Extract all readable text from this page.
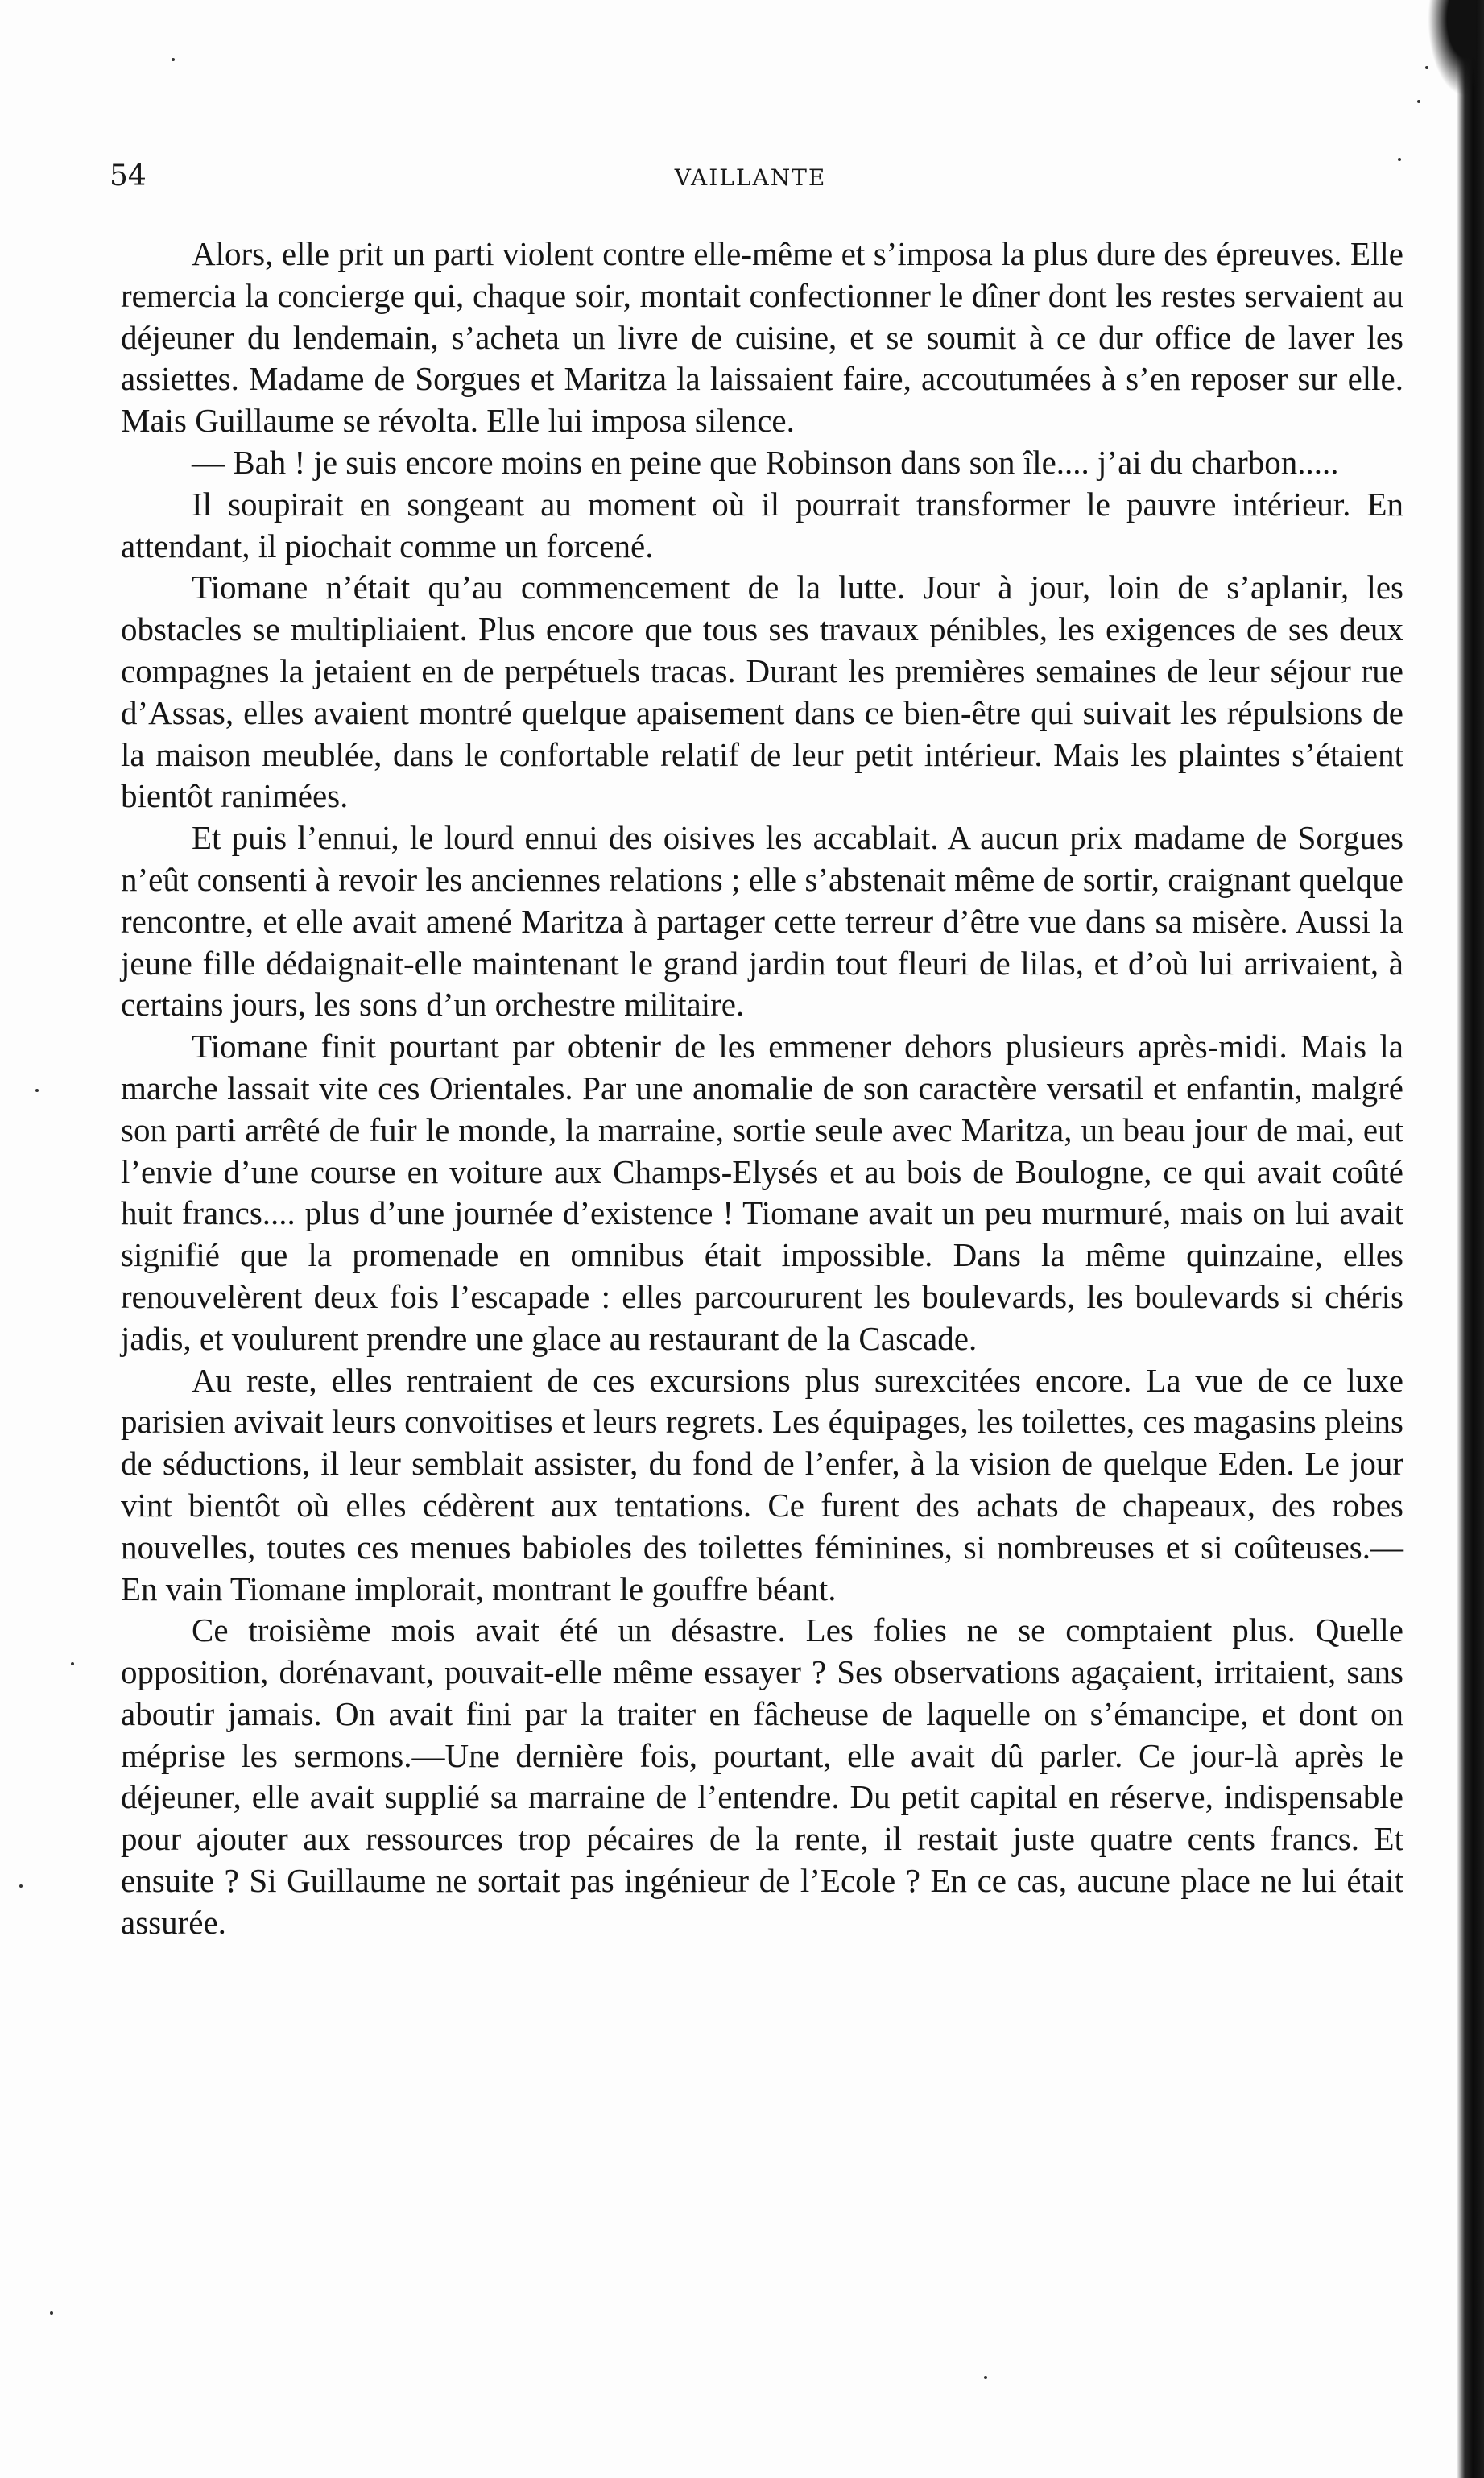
54	VAILLANTE

Alors, elle prit un parti violent contre elle-même et s’imposa la plus dure des épreuves. Elle remercia la concierge qui, chaque soir, montait confectionner le dîner dont les restes servaient au déjeuner du lendemain, s’acheta un livre de cuisine, et se soumit à ce dur office de laver les assiettes. Madame de Sorgues et Maritza la laissaient faire, accoutumées à s’en reposer sur elle. Mais Guillaume se révolta. Elle lui imposa silence.

— Bah ! je suis encore moins en peine que Robinson dans son île.... j’ai du charbon.....

Il soupirait en songeant au moment où il pourrait transformer le pauvre intérieur. En attendant, il piochait comme un forcené.

Tiomane n’était qu’au commencement de la lutte. Jour à jour, loin de s’aplanir, les obstacles se multipliaient. Plus encore que tous ses travaux pénibles, les exigences de ses deux compagnes la jetaient en de perpétuels tracas. Durant les premières semaines de leur séjour rue d’Assas, elles avaient montré quelque apaisement dans ce bien-être qui suivait les répulsions de la maison meublée, dans le confortable relatif de leur petit intérieur. Mais les plaintes s’étaient bientôt ranimées.

Et puis l’ennui, le lourd ennui des oisives les accablait. A aucun prix madame de Sorgues n’eût consenti à revoir les anciennes relations ; elle s’abstenait même de sortir, craignant quelque rencontre, et elle avait amené Maritza à partager cette terreur d’être vue dans sa misère. Aussi la jeune fille dédaignait-elle maintenant le grand jardin tout fleuri de lilas, et d’où lui arrivaient, à certains jours, les sons d’un orchestre militaire.

Tiomane finit pourtant par obtenir de les emmener dehors plusieurs après-midi. Mais la marche lassait vite ces Orientales. Par une anomalie de son caractère versatil et enfantin, malgré son parti arrêté de fuir le monde, la marraine, sortie seule avec Maritza, un beau jour de mai, eut l’envie d’une course en voiture aux Champs-Elysés et au bois de Boulogne, ce qui avait coûté huit francs.... plus d’une journée d’existence ! Tiomane avait un peu murmuré, mais on lui avait signifié que la promenade en omnibus était impossible. Dans la même quinzaine, elles renouvelèrent deux fois l’escapade : elles parcoururent les boulevards, les boulevards si chéris jadis, et voulurent prendre une glace au restaurant de la Cascade.

Au reste, elles rentraient de ces excursions plus surexcitées encore. La vue de ce luxe parisien avivait leurs convoitises et leurs regrets. Les équipages, les toilettes, ces magasins pleins de séductions, il leur semblait assister, du fond de l’enfer, à la vision de quelque Eden. Le jour vint bientôt où elles cédèrent aux tentations. Ce furent des achats de chapeaux, des robes nouvelles, toutes ces menues babioles des toilettes féminines, si nombreuses et si coûteuses.—En vain Tiomane implorait, montrant le gouffre béant.

Ce troisième mois avait été un désastre. Les folies ne se comptaient plus. Quelle opposition, dorénavant, pouvait-elle même essayer ? Ses observations agaçaient, irritaient, sans aboutir jamais. On avait fini par la traiter en fâcheuse de laquelle on s’émancipe, et dont on méprise les sermons.—Une dernière fois, pourtant, elle avait dû parler. Ce jour-là après le déjeuner, elle avait supplié sa marraine de l’entendre. Du petit capital en réserve, indispensable pour ajouter aux ressources trop pécaires de la rente, il restait juste quatre cents francs. Et ensuite ? Si Guillaume ne sortait pas ingénieur de l’Ecole ? En ce cas, aucune place ne lui était assurée.
